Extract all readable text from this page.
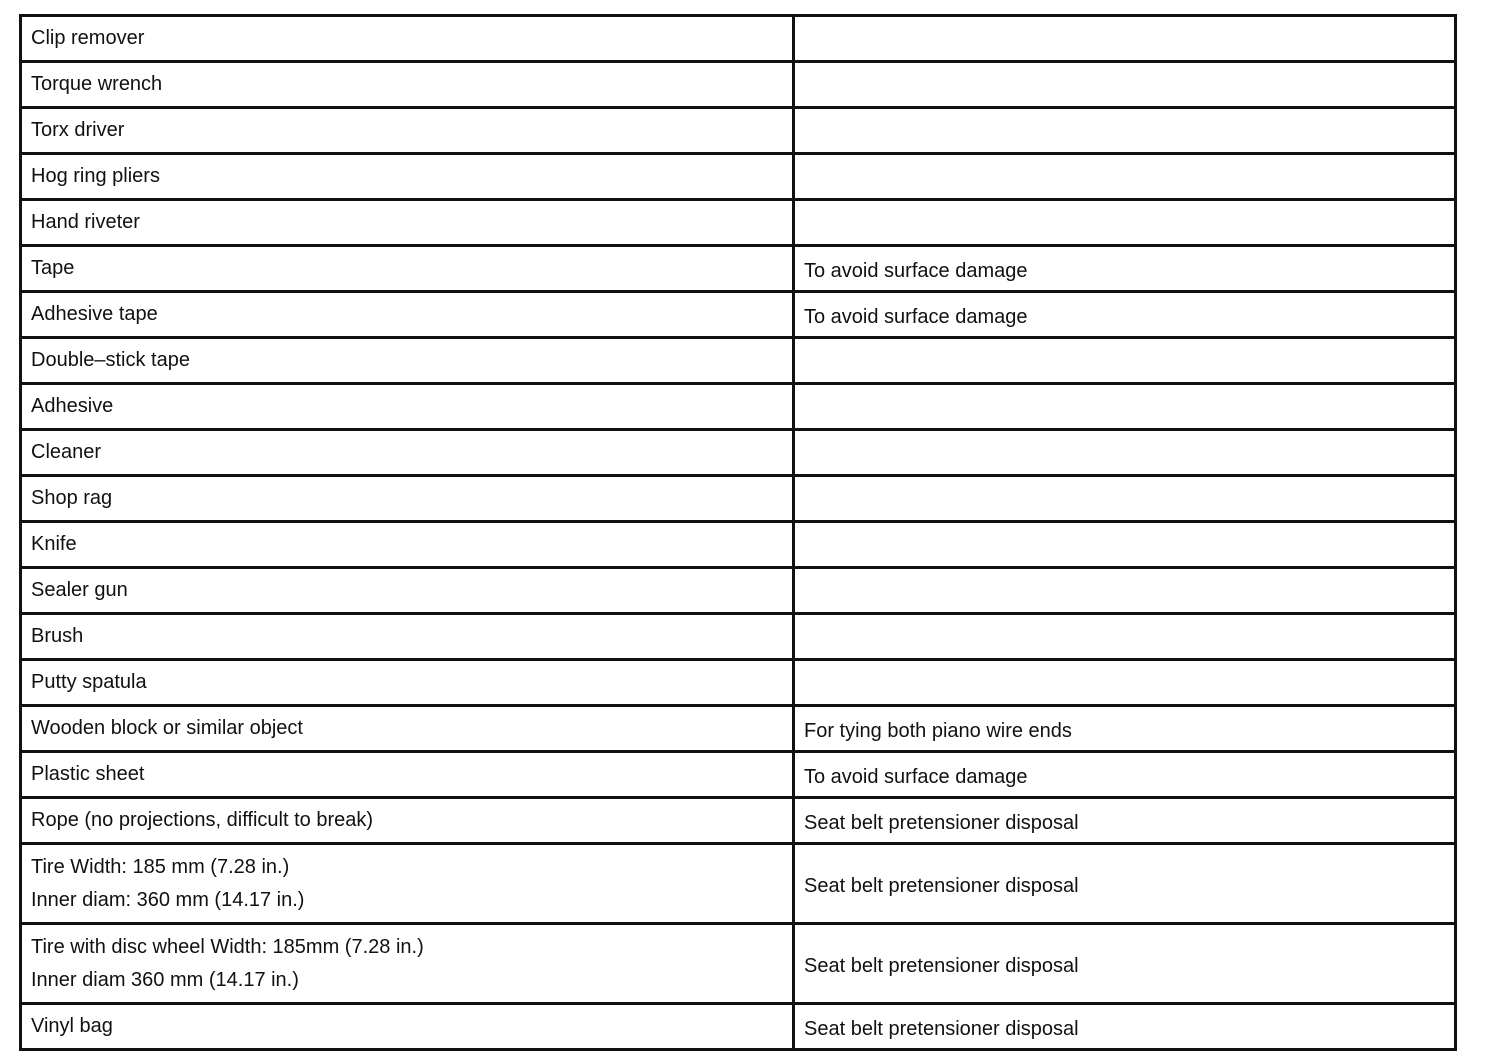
Clip remover	

Torque wrench	

Torx driver	

Hog ring pliers	

Hand riveter	

Tape	To avoid surface damage

Adhesive tape	To avoid surface damage

Double–stick tape	

Adhesive	

Cleaner	

Shop rag	

Knife	

Sealer gun	

Brush	

Putty spatula	

Wooden block or similar object	For tying both piano wire ends

Plastic sheet	To avoid surface damage

Rope (no projections, difficult to break)	Seat belt pretensioner disposal

Tire Width: 185 mm (7.28 in.)
Inner diam: 360 mm (14.17 in.)	Seat belt pretensioner disposal

Tire with disc wheel Width: 185mm (7.28 in.)
Inner diam 360 mm (14.17 in.)	Seat belt pretensioner disposal

Vinyl bag	Seat belt pretensioner disposal
